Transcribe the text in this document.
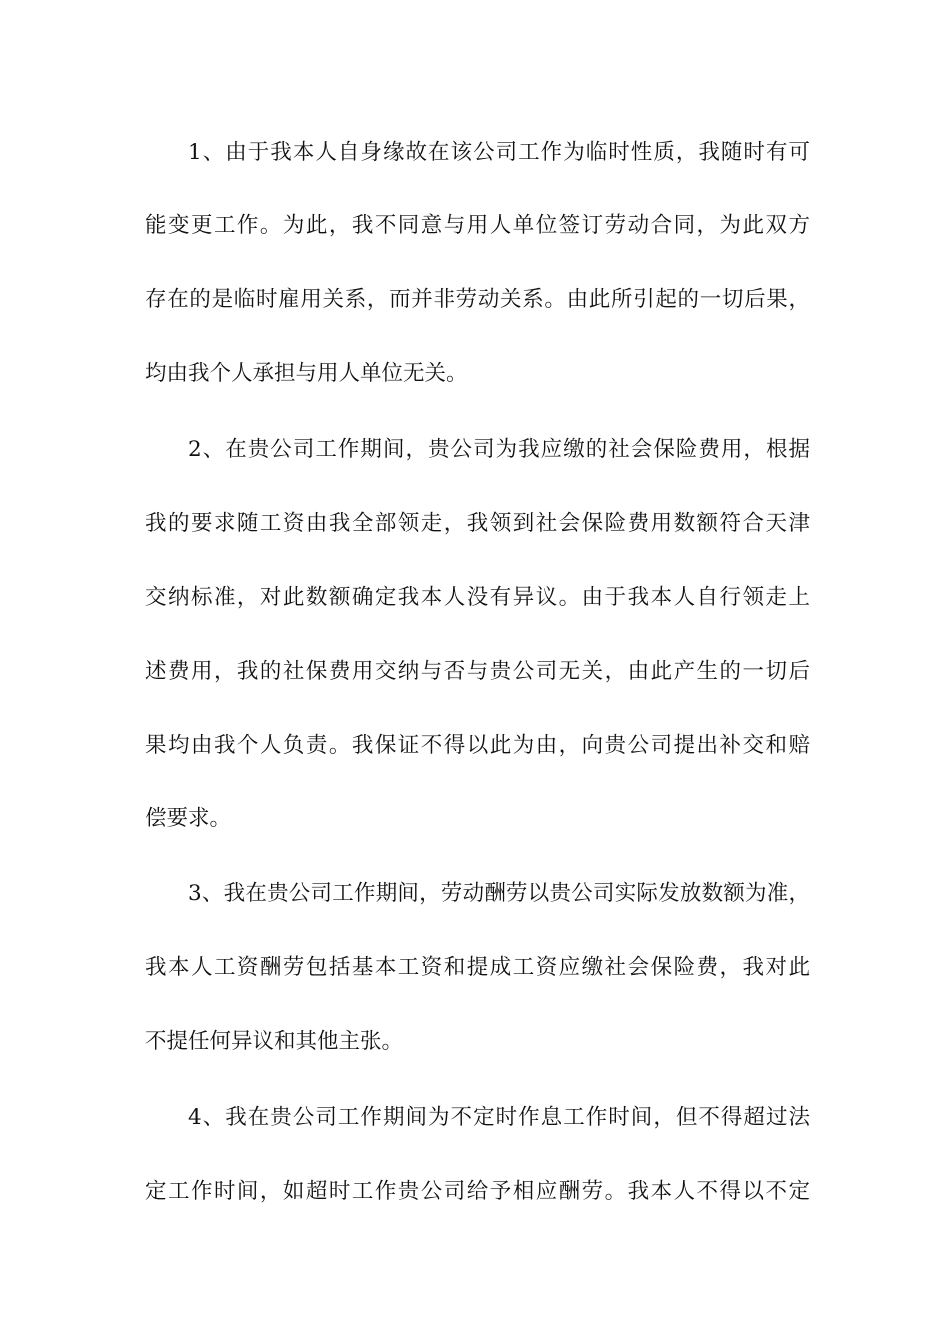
1、由于我本人自身缘故在该公司工作为临时性质，我随时有可
能变更工作。为此，我不同意与用人单位签订劳动合同，为此双方
存在的是临时雇用关系，而并非劳动关系。由此所引起的一切后果，
均由我个人承担与用人单位无关。
2、在贵公司工作期间，贵公司为我应缴的社会保险费用，根据
我的要求随工资由我全部领走，我领到社会保险费用数额符合天津
交纳标准，对此数额确定我本人没有异议。由于我本人自行领走上
述费用，我的社保费用交纳与否与贵公司无关，由此产生的一切后
果均由我个人负责。我保证不得以此为由，向贵公司提出补交和赔
偿要求。
3、我在贵公司工作期间，劳动酬劳以贵公司实际发放数额为准，
我本人工资酬劳包括基本工资和提成工资应缴社会保险费，我对此
不提任何异议和其他主张。
4、我在贵公司工作期间为不定时作息工作时间，但不得超过法
定工作时间，如超时工作贵公司给予相应酬劳。我本人不得以不定
